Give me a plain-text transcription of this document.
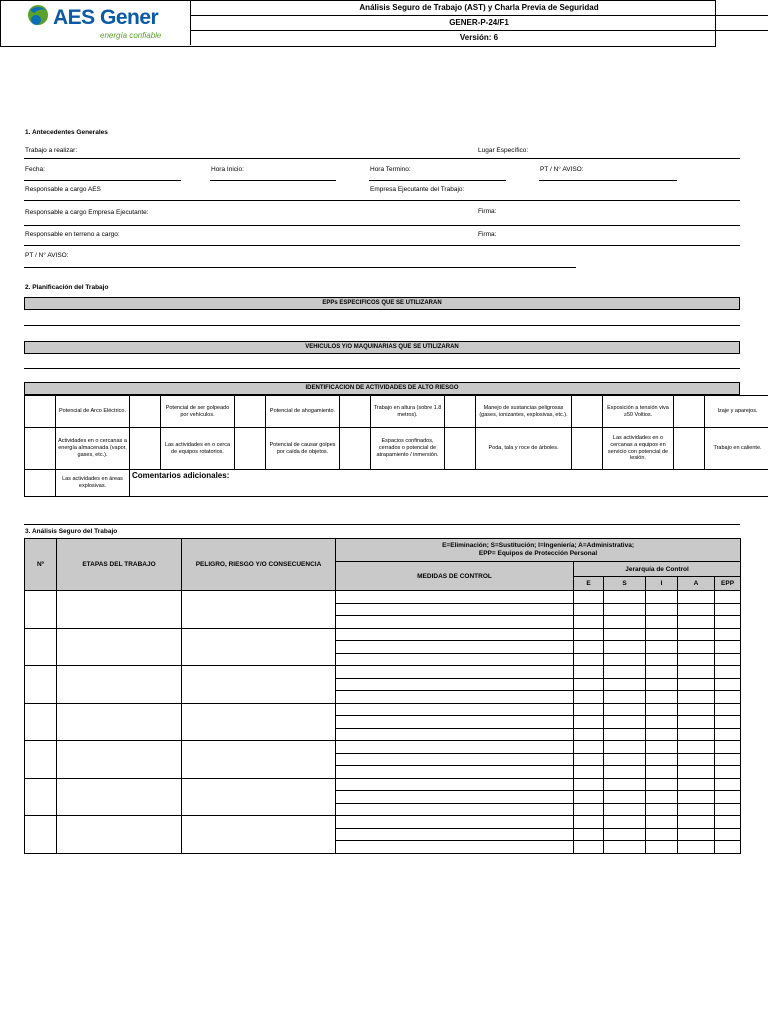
AES Gener
energía confiable
Análisis Seguro de Trabajo (AST) y Charla Previa de Seguridad
GENER-P-24/F1
Versión: 6
1. Antecedentes Generales
Trabajo a realizar:	Lugar Específico:
Fecha:	Hora Inicio:	Hora Termino:	PT / N° AVISO:
Responsable a cargo AES	Empresa Ejecutante del Trabajo:
Responsable a cargo Empresa Ejecutante:	Firma:
Responsable en terreno a cargo:	Firma:
PT / N° AVISO:
2. Planificación del Trabajo
EPPs ESPECIFICOS QUE SE UTILIZARAN
VEHICULOS Y/O MAQUINARIAS QUE SE UTILIZARAN
IDENTIFICACION DE ACTIVIDADES DE ALTO RIESGO
	Potencial de Arco Eléctrico.		Potencial de ser golpeado por vehículos.		Potencial de ahogamiento.		Trabajo en altura (sobre 1.8 metros).		Manejo de sustancias peligrosas (gases, ionizantes, explosivas, etc.).		Exposición a tensión viva ≥50 Voltios.		Izaje y aparejos.
	Actividades en o cercanas a energía almacenada (vapor, gases, etc.).		Las actividades en o cerca de equipos rotatorios.		Potencial de causar golpes por caída de objetos.		Espacios confinados, cerrados o potencial de atrapamiento / inmersión.		Poda, tala y roce de árboles.		Las actividades en o cercanas a equipos en servicio con potencial de lesión.		Trabajo en caliente.
	Las actividades en áreas explosivas.	Comentarios adicionales:											
3. Análisis Seguro del Trabajo
Nº	ETAPAS DEL TRABAJO	PELIGRO, RIESGO Y/O CONSECUENCIA	E=Eliminación; S=Sustitución; I=Ingeniería; A=Administrativa;
EPP= Equipos de Protección Personal					

			MEDIDAS DE CONTROL	Jerarquía de Control				
				E	S	I	A	EPP
